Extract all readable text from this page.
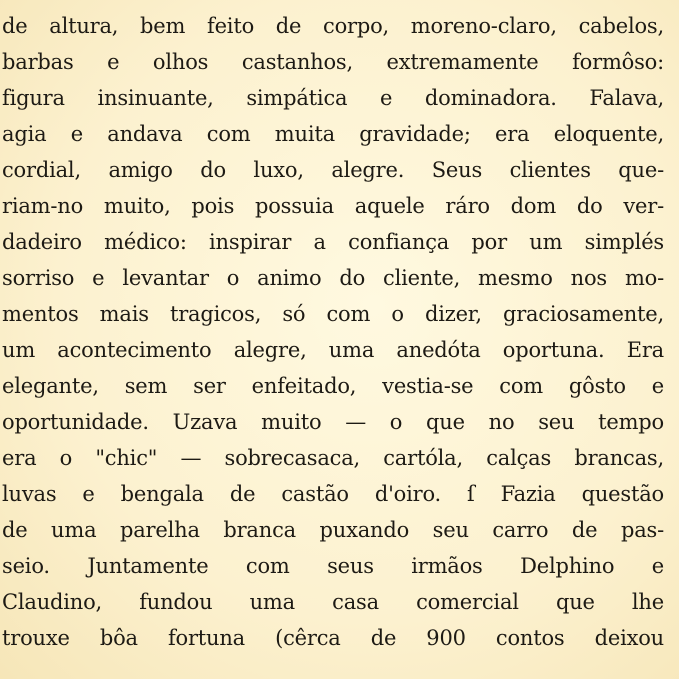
de altura, bem feito de corpo, moreno-claro, cabelos,
barbas e olhos castanhos, extremamente formôso:
figura insinuante, simpática e dominadora. Falava,
agia e andava com muita gravidade; era eloquente,
cordial, amigo do luxo, alegre. Seus clientes que-
riam-no muito, pois possuia aquele ráro dom do ver-
dadeiro médico: inspirar a confiança por um simplés
sorriso e levantar o animo do cliente, mesmo nos mo-
mentos mais tragicos, só com o dizer, graciosamente,
um acontecimento alegre, uma anedóta oportuna. Era
elegante, sem ser enfeitado, vestia-se com gôsto e
oportunidade. Uzava muito — o que no seu tempo
era o "chic" — sobrecasaca, cartóla, calças brancas,
luvas e bengala de castão d'oiro. ſ Fazia questão
de uma parelha branca puxando seu carro de pas-
seio. Juntamente com seus irmãos Delphino e
Claudino, fundou uma casa comercial que lhe
trouxe bôa fortuna (cêrca de 900 contos deixou
